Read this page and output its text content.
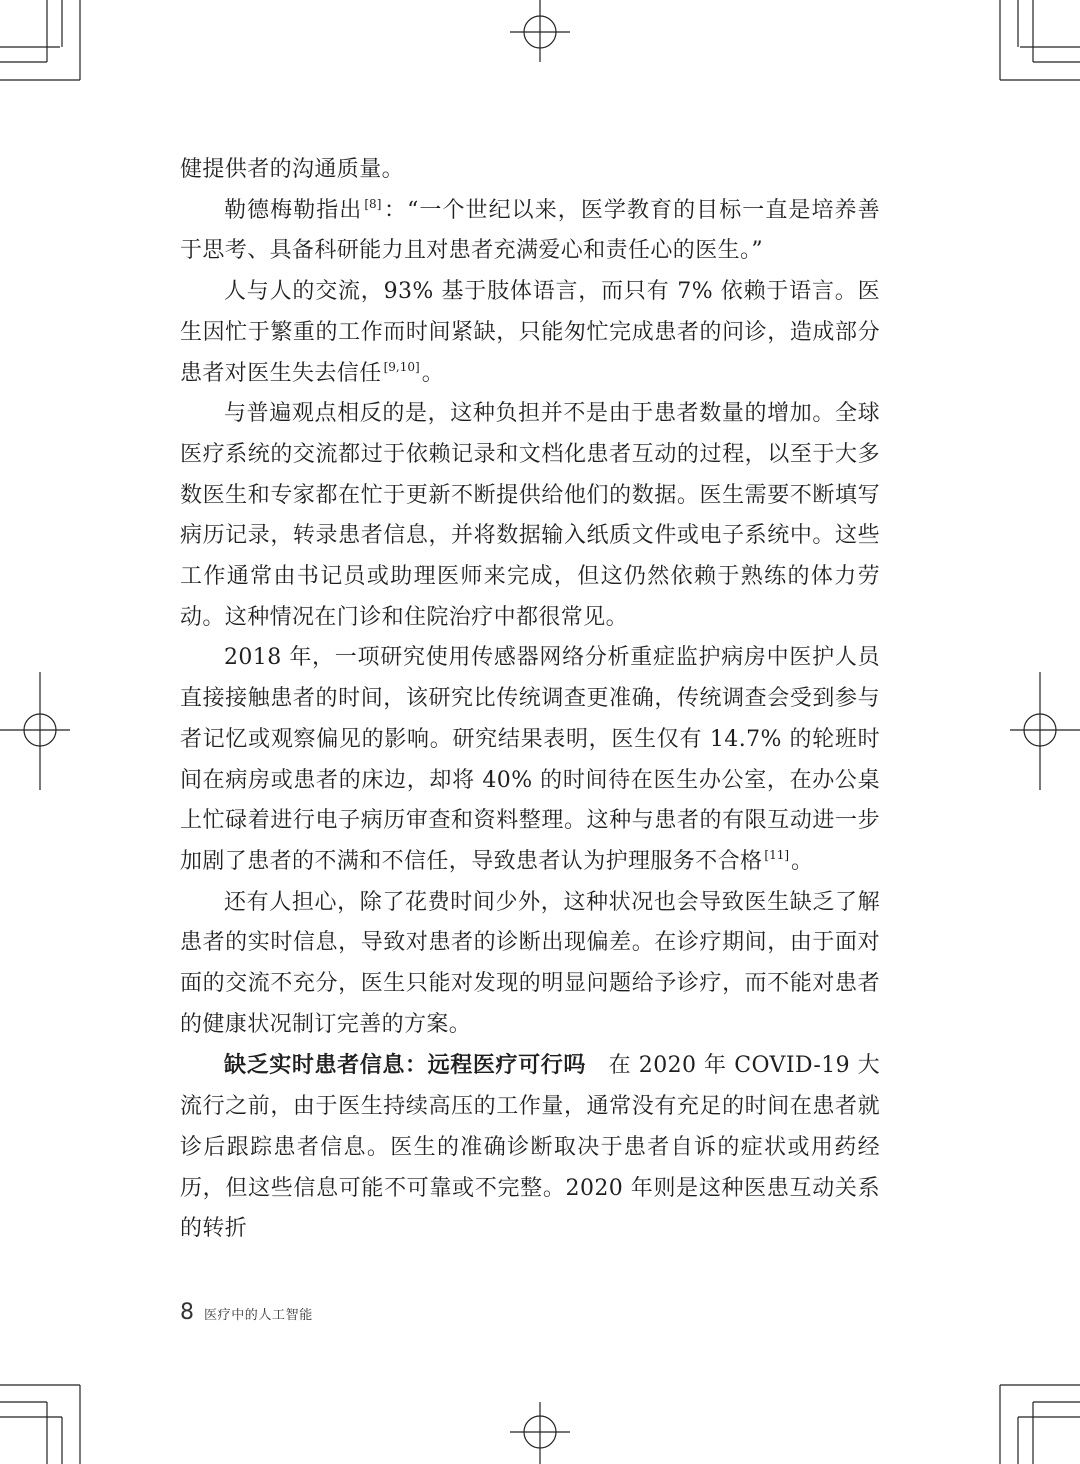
健提供者的沟通质量。

勒德梅勒指出 [8]：“一个世纪以来，医学教育的目标一直是培养善于思考、具备科研能力且对患者充满爱心和责任心的医生。”

人与人的交流，93% 基于肢体语言，而只有 7% 依赖于语言。医生因忙于繁重的工作而时间紧缺，只能匆忙完成患者的问诊，造成部分患者对医生失去信任 [9,10]。

与普遍观点相反的是，这种负担并不是由于患者数量的增加。全球医疗系统的交流都过于依赖记录和文档化患者互动的过程，以至于大多数医生和专家都在忙于更新不断提供给他们的数据。医生需要不断填写病历记录，转录患者信息，并将数据输入纸质文件或电子系统中。这些工作通常由书记员或助理医师来完成，但这仍然依赖于熟练的体力劳动。这种情况在门诊和住院治疗中都很常见。

2018 年，一项研究使用传感器网络分析重症监护病房中医护人员直接接触患者的时间，该研究比传统调查更准确，传统调查会受到参与者记忆或观察偏见的影响。研究结果表明，医生仅有 14.7% 的轮班时间在病房或患者的床边，却将 40% 的时间待在医生办公室，在办公桌上忙碌着进行电子病历审查和资料整理。这种与患者的有限互动进一步加剧了患者的不满和不信任，导致患者认为护理服务不合格 [11]。

还有人担心，除了花费时间少外，这种状况也会导致医生缺乏了解患者的实时信息，导致对患者的诊断出现偏差。在诊疗期间，由于面对面的交流不充分，医生只能对发现的明显问题给予诊疗，而不能对患者的健康状况制订完善的方案。

缺乏实时患者信息：远程医疗可行吗　在 2020 年 COVID-19 大流行之前，由于医生持续高压的工作量，通常没有充足的时间在患者就诊后跟踪患者信息。医生的准确诊断取决于患者自诉的症状或用药经历，但这些信息可能不可靠或不完整。2020 年则是这种医患互动关系的转折

8 医疗中的人工智能
